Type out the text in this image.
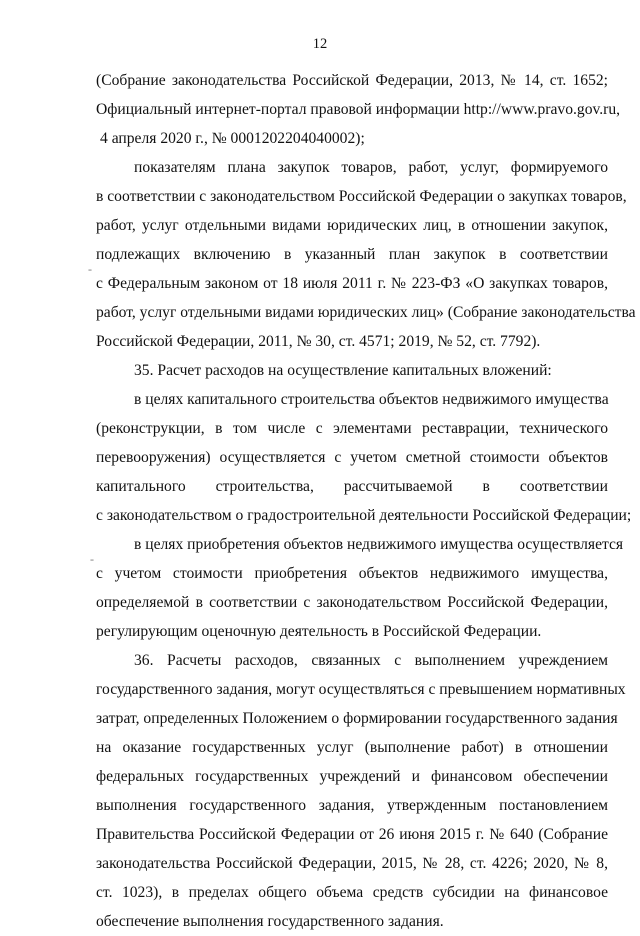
12
(Собрание законодательства Российской Федерации, 2013, № 14, ст. 1652;
Официальный интернет-портал правовой информации http://www.pravo.gov.ru,
4 апреля 2020 г., № 0001202204040002);
показателям плана закупок товаров, работ, услуг, формируемого
в соответствии с законодательством Российской Федерации о закупках товаров,
работ, услуг отдельными видами юридических лиц, в отношении закупок,
подлежащих включению в указанный план закупок в соответствии
с Федеральным законом от 18 июля 2011 г. № 223-ФЗ «О закупках товаров,
работ, услуг отдельными видами юридических лиц» (Собрание законодательства
Российской Федерации, 2011, № 30, ст. 4571; 2019, № 52, ст. 7792).
35. Расчет расходов на осуществление капитальных вложений:
в целях капитального строительства объектов недвижимого имущества
(реконструкции, в том числе с элементами реставрации, технического
перевооружения) осуществляется с учетом сметной стоимости объектов
капитального строительства, рассчитываемой в соответствии
с законодательством о градостроительной деятельности Российской Федерации;
в целях приобретения объектов недвижимого имущества осуществляется
с учетом стоимости приобретения объектов недвижимого имущества,
определяемой в соответствии с законодательством Российской Федерации,
регулирующим оценочную деятельность в Российской Федерации.
36. Расчеты расходов, связанных с выполнением учреждением
государственного задания, могут осуществляться с превышением нормативных
затрат, определенных Положением о формировании государственного задания
на оказание государственных услуг (выполнение работ) в отношении
федеральных государственных учреждений и финансовом обеспечении
выполнения государственного задания, утвержденным постановлением
Правительства Российской Федерации от 26 июня 2015 г. № 640 (Собрание
законодательства Российской Федерации, 2015, № 28, ст. 4226; 2020, № 8,
ст. 1023), в пределах общего объема средств субсидии на финансовое
обеспечение выполнения государственного задания.
-
-
